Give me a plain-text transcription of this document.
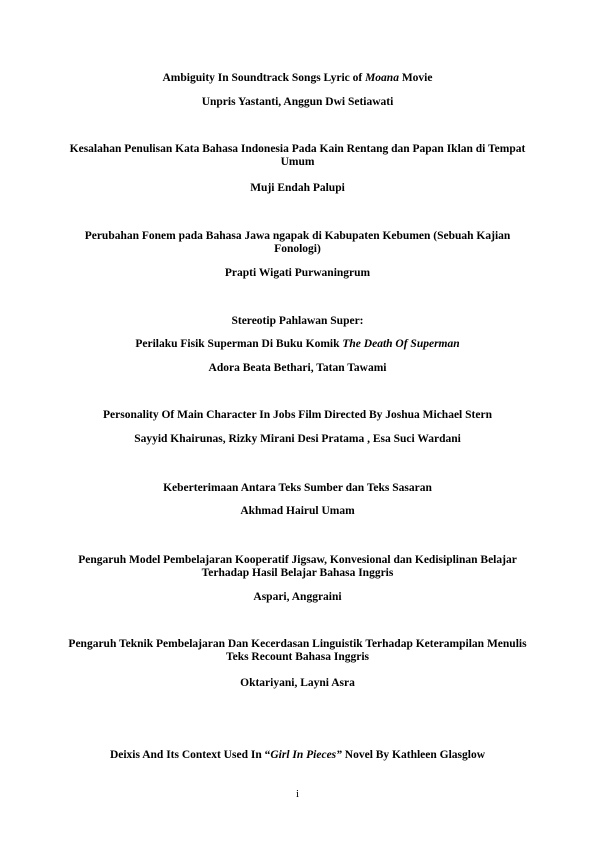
Ambiguity In Soundtrack Songs Lyric of Moana Movie
Unpris Yastanti, Anggun Dwi Setiawati
Kesalahan Penulisan Kata Bahasa Indonesia Pada Kain Rentang dan Papan Iklan di Tempat Umum
Muji Endah Palupi
Perubahan Fonem pada Bahasa Jawa ngapak di Kabupaten Kebumen (Sebuah Kajian Fonologi)
Prapti Wigati Purwaningrum
Stereotip Pahlawan Super:
Perilaku Fisik Superman Di Buku Komik The Death Of Superman
Adora Beata Bethari, Tatan Tawami
Personality Of Main Character In Jobs Film Directed By Joshua Michael Stern
Sayyid Khairunas, Rizky Mirani Desi Pratama , Esa Suci Wardani
Keberterimaan Antara Teks Sumber dan Teks Sasaran
Akhmad Hairul Umam
Pengaruh Model Pembelajaran Kooperatif Jigsaw, Konvesional dan Kedisiplinan Belajar Terhadap Hasil Belajar Bahasa Inggris
Aspari, Anggraini
Pengaruh Teknik Pembelajaran Dan Kecerdasan Linguistik Terhadap Keterampilan Menulis Teks Recount Bahasa Inggris
Oktariyani, Layni Asra
Deixis And Its Context Used In “Girl In Pieces” Novel By Kathleen Glasglow
i
